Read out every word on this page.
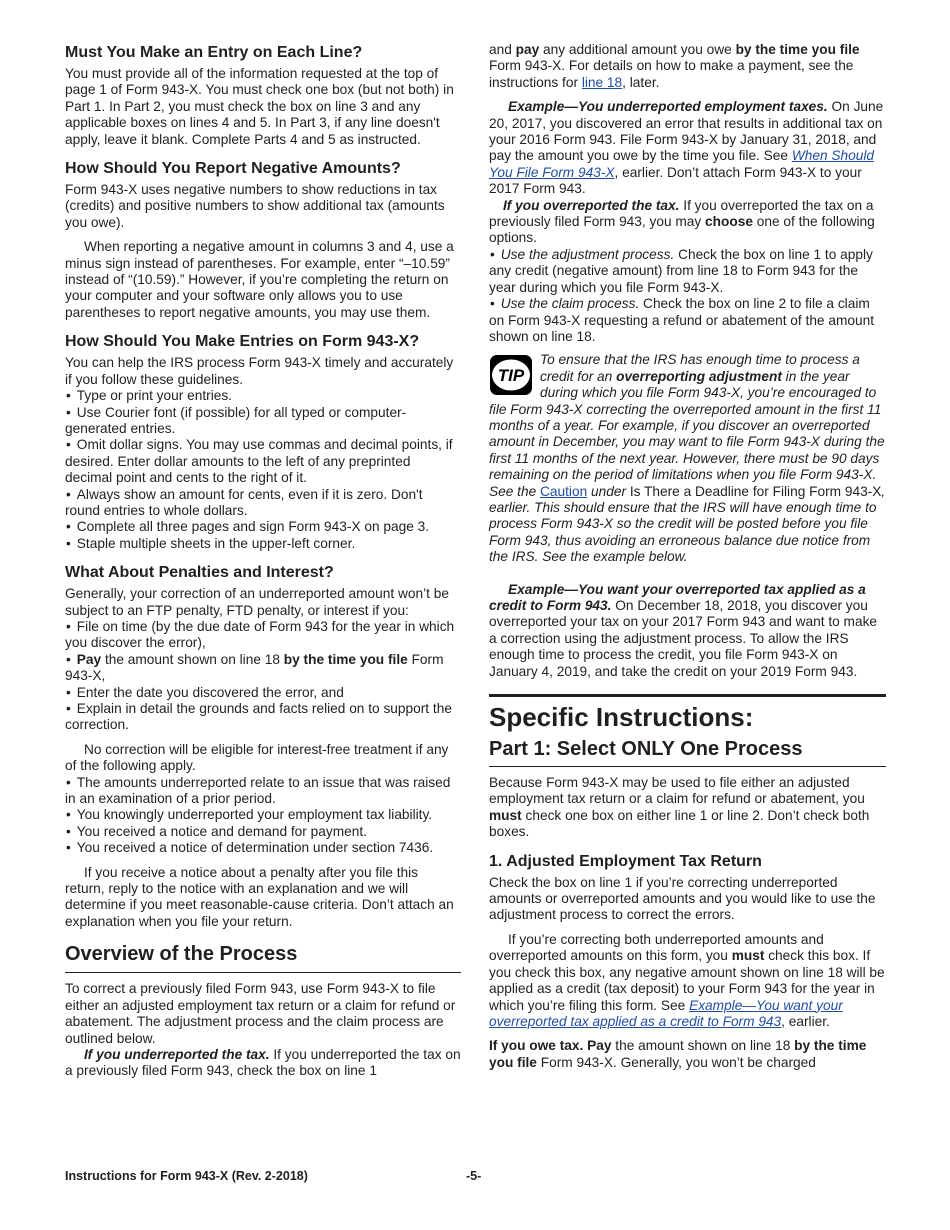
Must You Make an Entry on Each Line?

You must provide all of the information requested at the top of page 1 of Form 943-X. You must check one box (but not both) in Part 1. In Part 2, you must check the box on line 3 and any applicable boxes on lines 4 and 5. In Part 3, if any line doesn't apply, leave it blank. Complete Parts 4 and 5 as instructed.

How Should You Report Negative Amounts?

Form 943-X uses negative numbers to show reductions in tax (credits) and positive numbers to show additional tax (amounts you owe).

When reporting a negative amount in columns 3 and 4, use a minus sign instead of parentheses. For example, enter “–10.59” instead of “(10.59).” However, if you’re completing the return on your computer and your software only allows you to use parentheses to report negative amounts, you may use them.

How Should You Make Entries on Form 943-X?

You can help the IRS process Form 943-X timely and accurately if you follow these guidelines.

• Type or print your entries.

• Use Courier font (if possible) for all typed or computer-generated entries.

• Omit dollar signs. You may use commas and decimal points, if desired. Enter dollar amounts to the left of any preprinted decimal point and cents to the right of it.

• Always show an amount for cents, even if it is zero. Don't round entries to whole dollars.

• Complete all three pages and sign Form 943-X on page 3.

• Staple multiple sheets in the upper-left corner.

What About Penalties and Interest?

Generally, your correction of an underreported amount won’t be subject to an FTP penalty, FTD penalty, or interest if you:

• File on time (by the due date of Form 943 for the year in which you discover the error),

• Pay the amount shown on line 18 by the time you file Form 943-X,

• Enter the date you discovered the error, and

• Explain in detail the grounds and facts relied on to support the correction.

No correction will be eligible for interest-free treatment if any of the following apply.

• The amounts underreported relate to an issue that was raised in an examination of a prior period.

• You knowingly underreported your employment tax liability.

• You received a notice and demand for payment.

• You received a notice of determination under section 7436.

If you receive a notice about a penalty after you file this return, reply to the notice with an explanation and we will determine if you meet reasonable-cause criteria. Don’t attach an explanation when you file your return.

Overview of the Process

To correct a previously filed Form 943, use Form 943-X to file either an adjusted employment tax return or a claim for refund or abatement. The adjustment process and the claim process are outlined below.

If you underreported the tax. If you underreported the tax on a previously filed Form 943, check the box on line 1

and pay any additional amount you owe by the time you file Form 943-X. For details on how to make a payment, see the instructions for line 18, later.

Example—You underreported employment taxes. On June 20, 2017, you discovered an error that results in additional tax on your 2016 Form 943. File Form 943-X by January 31, 2018, and pay the amount you owe by the time you file. See When Should You File Form 943-X, earlier. Don’t attach Form 943-X to your 2017 Form 943.

If you overreported the tax. If you overreported the tax on a previously filed Form 943, you may choose one of the following options.

• Use the adjustment process. Check the box on line 1 to apply any credit (negative amount) from line 18 to Form 943 for the year during which you file Form 943-X.

• Use the claim process. Check the box on line 2 to file a claim on Form 943-X requesting a refund or abatement of the amount shown on line 18.

TIP
To ensure that the IRS has enough time to process a credit for an overreporting adjustment in the year during which you file Form 943-X, you’re encouraged to file Form 943-X correcting the overreported amount in the first 11 months of a year. For example, if you discover an overreported amount in December, you may want to file Form 943-X during the first 11 months of the next year. However, there must be 90 days remaining on the period of limitations when you file Form 943-X. See the Caution under Is There a Deadline for Filing Form 943-X, earlier. This should ensure that the IRS will have enough time to process Form 943-X so the credit will be posted before you file Form 943, thus avoiding an erroneous balance due notice from the IRS. See the example below.

Example—You want your overreported tax applied as a credit to Form 943. On December 18, 2018, you discover you overreported your tax on your 2017 Form 943 and want to make a correction using the adjustment process. To allow the IRS enough time to process the credit, you file Form 943-X on January 4, 2019, and take the credit on your 2019 Form 943.

Specific Instructions:
Part 1: Select ONLY One Process

Because Form 943-X may be used to file either an adjusted employment tax return or a claim for refund or abatement, you must check one box on either line 1 or line 2. Don’t check both boxes.

1. Adjusted Employment Tax Return

Check the box on line 1 if you’re correcting underreported amounts or overreported amounts and you would like to use the adjustment process to correct the errors.

If you’re correcting both underreported amounts and overreported amounts on this form, you must check this box. If you check this box, any negative amount shown on line 18 will be applied as a credit (tax deposit) to your Form 943 for the year in which you’re filing this form. See Example—You want your overreported tax applied as a credit to Form 943, earlier.

If you owe tax. Pay the amount shown on line 18 by the time you file Form 943-X. Generally, you won’t be charged

Instructions for Form 943-X (Rev. 2-2018)	-5-
